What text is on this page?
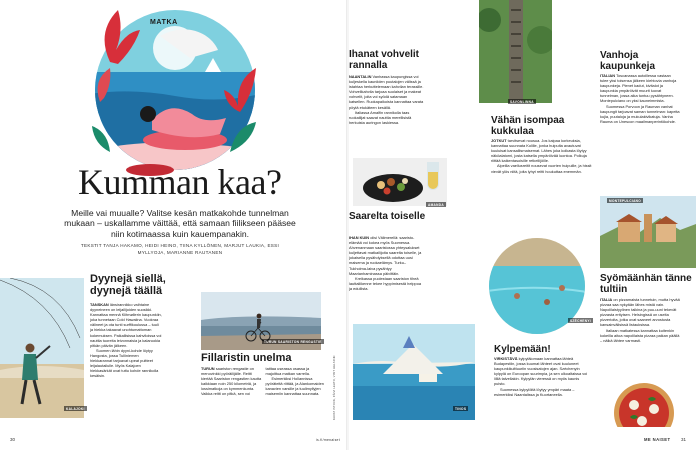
MATKA
Kumman kaa?

Meille vai muualle? Valitse kesän matkakohde tunnelman mukaan – uskallamme väittää, että samaan fiilikseen pääsee niin kotimaassa kuin kauempanakin.

TEKSTIT TANJA HAKAMO, HEIDI HEINO, TIINA KYLLÖNEN, MARJUT LAUKIA, ESSI MYLLYOJA, MARIANNE RAUTANEN

KALAJOKI
Dyynejä siellä, dyynejä täällä

TANSKAN länsirannikko vaihtaine dyyneineen on leijailijoiden suosikki. Kannattaa mennä Klitmøllerin kaupunkiin, joka tunnetaan Cold Hawaiina. Vuokraa välineet ja ota tunti surffikoulussa – tuuli ja hiekka takaavat unohtumattoman kokemuksen. Paikallisissa kahviloissa voi nauttia tuoreita leivonnaisia ja kalaruokia pitkän päivän jälkeen.

Suomen lähin dyyni-kohde löytyy Hangosta, jossa Tulliniemen hiekkarannat tarjoavat upeat puitteet leijalautailulle. Myös Kalajoen hiekkasärkät ovat tuttu kohde rannikolla kesäisin.

TURUN SAARISTON RENGASTIE
Fillaristin unelma

TURUN saariston rengastie on menovinkki pyöräilijälle. Reitti kiertää Saariston rengastien kautta kaikkiaan noin 250 kilometriä, ja lossimatkoja on kymmenkunta. Vaikka reitti on pitkä, sen voi taittaa useassa osassa ja majoittua matkan varrella.

Esimerkiksi Hollannissa pyöräteitä riittää, ja Alankomaiden kanavien varsille ja tuulimyllyjen maisemiin kannattaa suunnata.	KUVAT ISTOCK, PÄIVI LEHTO, VISIT HELSINKI
30	is.fi/menaiset
Ihanat vohvelit rannalla

NAANTALIN Vanhassa kaupungissa voi kuljeskella kauniiden puutalojen välissä ja istahtaa herkuttelemaan kahvilan terassille. Vohvelikahvila tarjoaa suolaiset ja makeat vohvelit, joita voi syödä satamaan katsellen. Ruokapaikoista kannattaa varata pöytä etukäteen kesällä.

Italiassa Amalfin rannikolla taas ruokailijat saavat nauttia merellisistä herkuista auringon laskiessa.

AMANDA
Saarelta toiselle

IHAN KUIN olisi Välimerellä: saaristo-elämää voi kokea myös Suomessa. Ahvenanmaan saaristossa yhteysalukset kuljettavat matkailijoita saarelta toiselle, ja jokaisella pysähdyksellä odottaa uusi maisema ja ruokaelämys. Turku–Tukholma-laiva pysähtyy Maarianhaminassa päivittäin.

Kreikassa puolestaan saariston tiheä lauttaliikenne tekee hyppimisestä helppoa ja edullista.

TINOS
SAVONLINNA
Vähän isompaa kukkulaa

JOTKUT tarvitsevat nousua. Jos kaipaa korkeuksia, kannattaa suunnata Kolille, jonka huipulta avautuvat kuuluisat kansallismaisemat. Lähes joka kolkasta löytyy näköalatorni, josta katsella ympäröivää luontoa. Polkuja riittää kaikentasoisille retkeilijöille.

Alpeilla vaellusreitit nousevat vuorten huipuille, ja hissit vievät ylös niitä, joita lyhyt reitti houkuttaa enemmän.

SZÉCHENYI
Kylpemään!

VIRKISTÄVÄ kylpylälomaan kannattaa lähteä Budapestiin, jossa kuumat lähteet ovat kuuluneet kaupunkikulttuuriin vuosisatojen ajan. Széchenyin kylpylä on Euroopan suurimpia, ja sen ulkoaltaissa voi lilliä talvellakin. Kylpylän vieressä on myös kaunis puisto.

Suomessa kylpylöitä löytyy ympäri maata – esimerkiksi Naantalissa ja Kuortaneella.

Vanhoja kaupunkeja

ITALIAN Toscanassa autoillessa vastaan tulee yksi toisensa jälkeen kiehtovia vanhoja kaupunkeja. Pienet kadut, kivitalot ja kaupunkia ympäröivät muurit luovat tunnelman, jossa aika tuntuu pysähtyneen. Montepulciano on yksi kauneimmista.

Suomessa Porvoon ja Rauman vanhat kaupungit tarjoavat saman tunnelman: kapeita kujia, puutaloja ja mukulakivikatuja. Vanha Rauma on Unescon maailmanperintökohde.

MONTEPULCIANO
Syömäänhän tänne tultiin

ITALIA on pizzamaista tunnetuin, mutta hyvää pizzaa saa nykyään lähes mistä vain. Napolilaistyylinen taikina ja puu-uuni tekevät pizzasta erityisen. Helsingissä on useita pizzerioita, jotka ovat saaneet arvostusta kansainvälisissä listauksissa.

Italiaan matkatessa kannattaa kuitenkin kokeilla aitoa napolilaista pizzaa paikan päällä – nälkä lähtee varmasti.

ME NAISET 31
